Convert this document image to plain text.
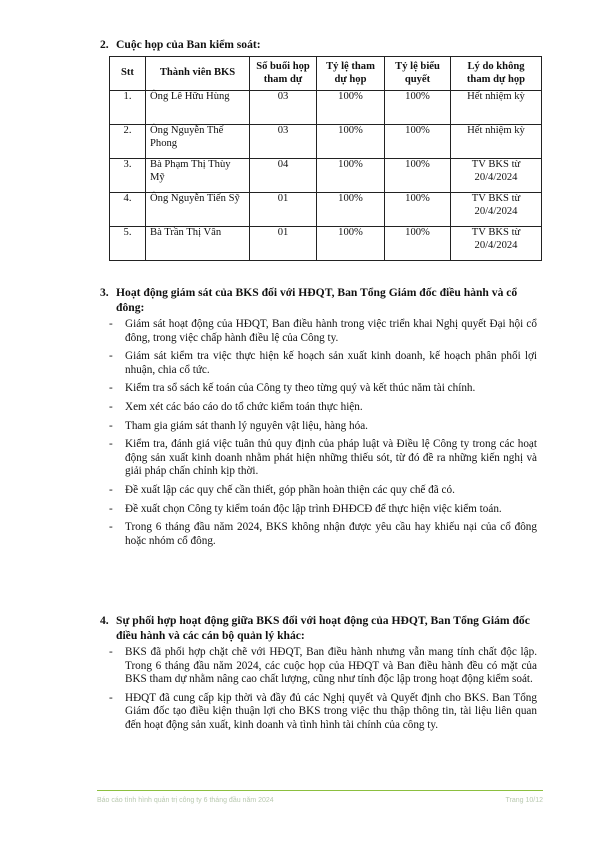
2. Cuộc họp của Ban kiểm soát:
Stt	Thành viên BKS	Số buổi họp tham dự	Tỷ lệ tham dự họp	Tỷ lệ biểu quyết	Lý do không tham dự họp
1.	Ông Lê Hữu Hùng	03	100%	100%	Hết nhiệm kỳ
2.	Ông Nguyễn Thế Phong	03	100%	100%	Hết nhiệm kỳ
3.	Bà Phạm Thị Thùy Mỹ	04	100%	100%	TV BKS từ 20/4/2024
4.	Ông Nguyễn Tiến Sỹ	01	100%	100%	TV BKS từ 20/4/2024
5.	Bà Trần Thị Vân	01	100%	100%	TV BKS từ 20/4/2024
3. Hoạt động giám sát của BKS đối với HĐQT, Ban Tổng Giám đốc điều hành và cổ đông:
-	Giám sát hoạt động của HĐQT, Ban điều hành trong việc triển khai Nghị quyết Đại hội cổ đông, trong việc chấp hành điều lệ của Công ty.
-	Giám sát kiểm tra việc thực hiện kế hoạch sản xuất kinh doanh, kế hoạch phân phối lợi nhuận, chia cổ tức.
-	Kiểm tra sổ sách kế toán của Công ty theo từng quý và kết thúc năm tài chính.
-	Xem xét các báo cáo do tổ chức kiểm toán thực hiện.
-	Tham gia giám sát thanh lý nguyên vật liệu, hàng hóa.
-	Kiểm tra, đánh giá việc tuân thủ quy định của pháp luật và Điều lệ Công ty trong các hoạt động sản xuất kinh doanh nhằm phát hiện những thiếu sót, từ đó đề ra những kiến nghị và giải pháp chấn chỉnh kịp thời.
-	Đề xuất lập các quy chế cần thiết, góp phần hoàn thiện các quy chế đã có.
-	Đề xuất chọn Công ty kiểm toán độc lập trình ĐHĐCĐ để thực hiện việc kiểm toán.
-	Trong 6 tháng đầu năm 2024, BKS không nhận được yêu cầu hay khiếu nại của cổ đông hoặc nhóm cổ đông.
4. Sự phối hợp hoạt động giữa BKS đối với hoạt động của HĐQT, Ban Tổng Giám đốc điều hành và các cán bộ quản lý khác:
-	BKS đã phối hợp chặt chẽ với HĐQT, Ban điều hành nhưng vẫn mang tính chất độc lập. Trong 6 tháng đầu năm 2024, các cuộc họp của HĐQT và Ban điều hành đều có mặt của BKS tham dự nhằm nâng cao chất lượng, cũng như tính độc lập trong hoạt động kiểm soát.
-	HĐQT đã cung cấp kịp thời và đầy đủ các Nghị quyết và Quyết định cho BKS. Ban Tổng Giám đốc tạo điều kiện thuận lợi cho BKS trong việc thu thập thông tin, tài liệu liên quan đến hoạt động sản xuất, kinh doanh và tình hình tài chính của công ty.
Báo cáo tình hình quản trị công ty 6 tháng đầu năm 2024	Trang 10/12
